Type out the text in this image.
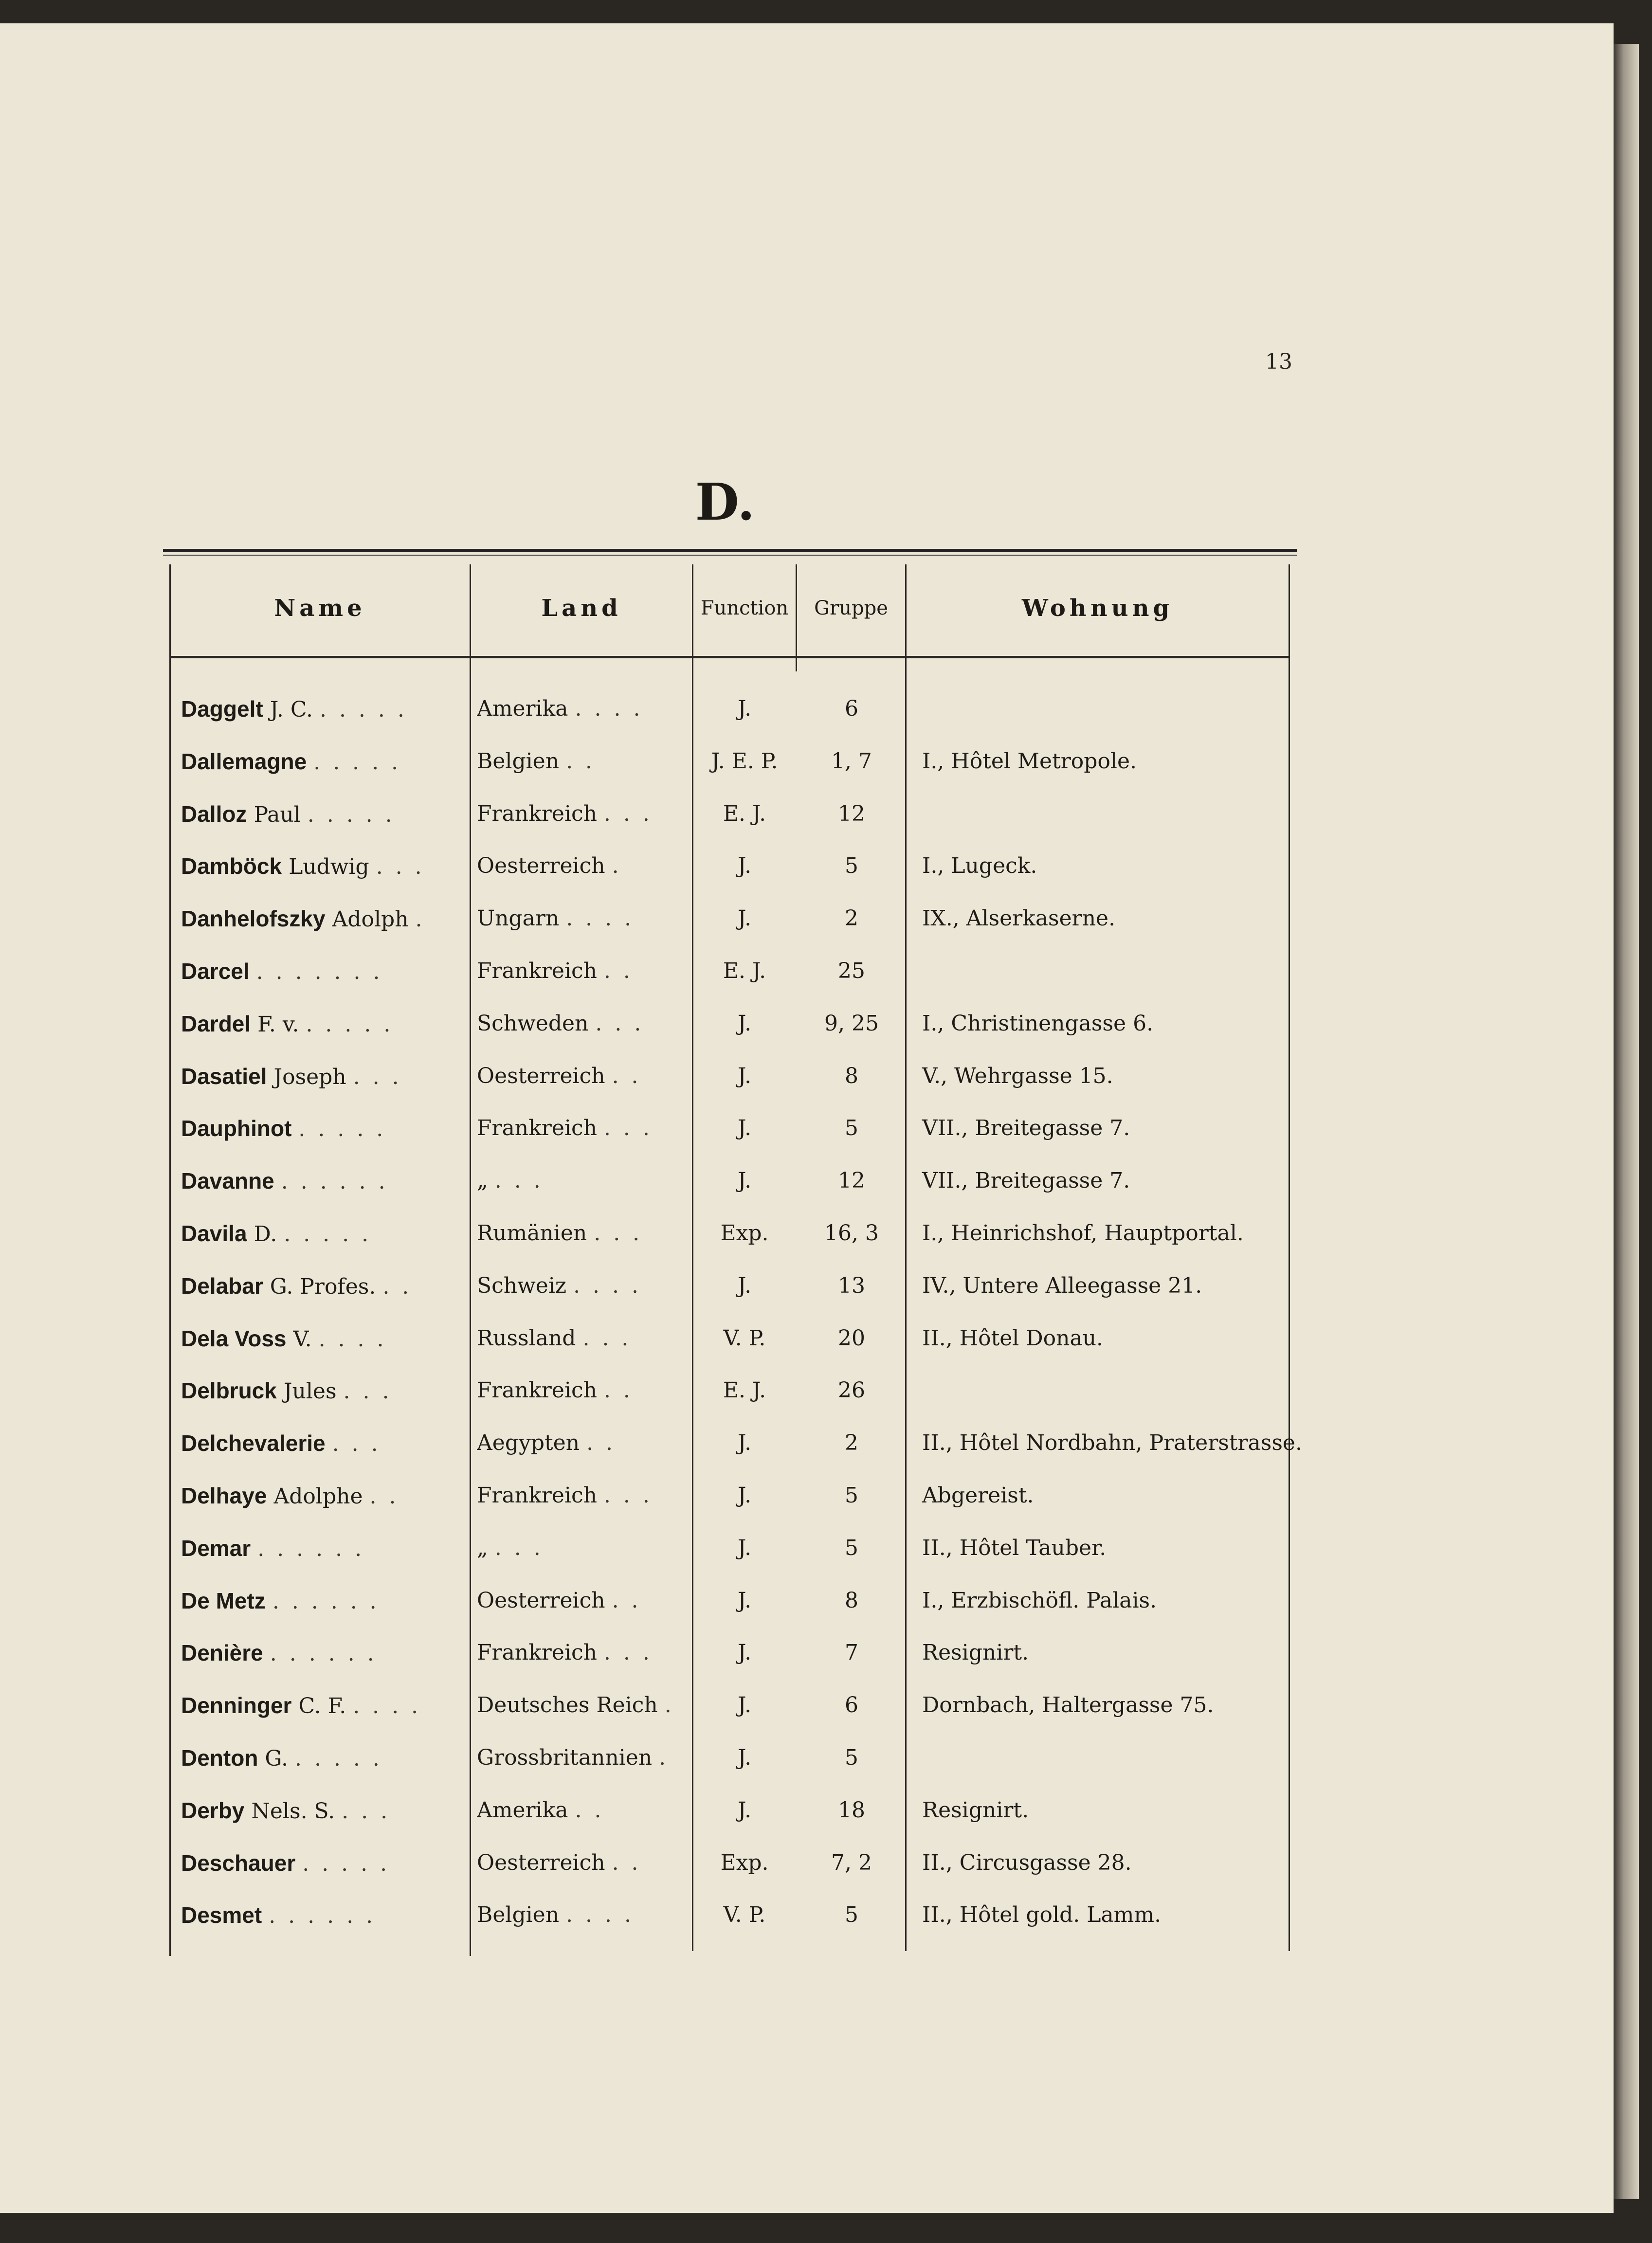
13
D.
Name	Land	Function	Gruppe	Wohnung
Daggelt J. C. . . . . .	Amerika . . . .	J.	6
Dallemagne . . . . .	Belgien . .	J. E. P.	1, 7	I., Hôtel Metropole.
Dalloz Paul . . . . .	Frankreich . . .	E. J.	12
Damböck Ludwig . . .	Oesterreich .	J.	5	I., Lugeck.
Danhelofszky Adolph .	Ungarn . . . .	J.	2	IX., Alserkaserne.
Darcel . . . . . . .	Frankreich . .	E. J.	25
Dardel F. v. . . . . .	Schweden . . .	J.	9, 25	I., Christinengasse 6.
Dasatiel Joseph . . .	Oesterreich . .	J.	8	V., Wehrgasse 15.
Dauphinot . . . . .	Frankreich . . .	J.	5	VII., Breitegasse 7.
Davanne . . . . . .	„ . . .	J.	12	VII., Breitegasse 7.
Davila D. . . . . .	Rumänien . . .	Exp.	16, 3	I., Heinrichshof, Hauptportal.
Delabar G. Profes. . .	Schweiz . . . .	J.	13	IV., Untere Alleegasse 21.
Dela Voss V. . . . .	Russland . . .	V. P.	20	II., Hôtel Donau.
Delbruck Jules . . .	Frankreich . .	E. J.	26
Delchevalerie . . .	Aegypten . .	J.	2	II., Hôtel Nordbahn, Praterstrasse.
Delhaye Adolphe . .	Frankreich . . .	J.	5	Abgereist.
Demar . . . . . .	„ . . .	J.	5	II., Hôtel Tauber.
De Metz . . . . . .	Oesterreich . .	J.	8	I., Erzbischöfl. Palais.
Denière . . . . . .	Frankreich . . .	J.	7	Resignirt.
Denninger C. F. . . . .	Deutsches Reich .	J.	6	Dornbach, Haltergasse 75.
Denton G. . . . . .	Grossbritannien .	J.	5
Derby Nels. S. . . .	Amerika . .	J.	18	Resignirt.
Deschauer . . . . .	Oesterreich . .	Exp.	7, 2	II., Circusgasse 28.
Desmet . . . . . .	Belgien . . . .	V. P.	5	II., Hôtel gold. Lamm.
